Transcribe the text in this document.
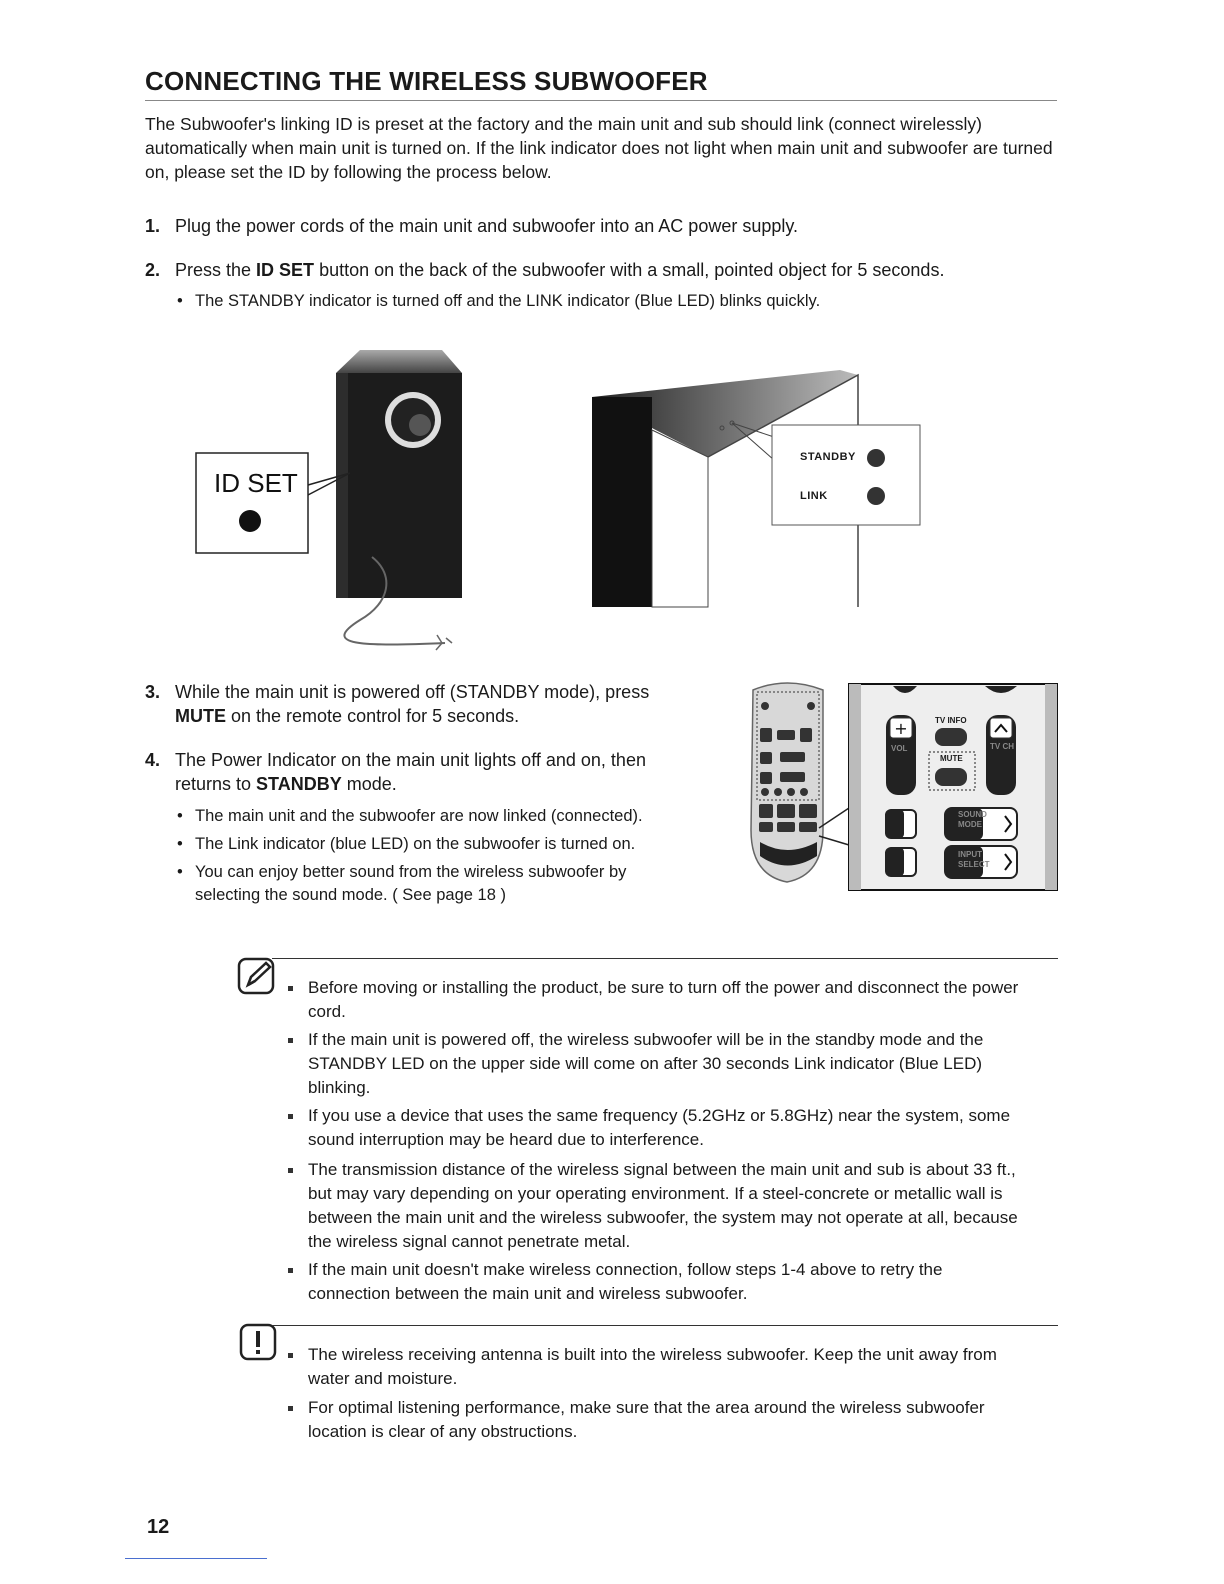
CONNECTING THE WIRELESS SUBWOOFER

The Subwoofer's linking ID is preset at the factory and the main unit and sub should link (connect wirelessly) automatically when main unit is turned on. If the link indicator does not light when main unit and subwoofer are turned on, please set the ID by following the process below.

1. Plug the power cords of the main unit and subwoofer into an AC power supply.
2. Press the ID SET button on the back of the subwoofer with a small, pointed object for 5 seconds.
• The STANDBY indicator is turned off and the LINK indicator (Blue LED) blinks quickly.
ID SET
STANDBY
LINK
3. While the main unit is powered off (STANDBY mode), press
MUTE on the remote control for 5 seconds.
4. The Power Indicator on the main unit lights off and on, then
returns to STANDBY mode.
• The main unit and the subwoofer are now linked (connected).
• The Link indicator (blue LED) on the subwoofer is turned on.
• You can enjoy better sound from the wireless subwoofer by
selecting the sound mode. ( See page 18 )
+	TV INFO
MUTE
VOL	TV CH
SOUND MODE
INPUT SELECT
Before moving or installing the product, be sure to turn off the power and disconnect the power
cord.
If the main unit is powered off, the wireless subwoofer will be in the standby mode and the
STANDBY LED on the upper side will come on after 30 seconds Link indicator (Blue LED)
blinking.
If you use a device that uses the same frequency (5.2GHz or 5.8GHz) near the system, some
sound interruption may be heard due to interference.
The transmission distance of the wireless signal between the main unit and sub is about 33 ft.,
but may vary depending on your operating environment. If a steel-concrete or metallic wall is
between the main unit and the wireless subwoofer, the system may not operate at all, because
the wireless signal cannot penetrate metal.
If the main unit doesn't make wireless connection, follow steps 1-4 above to retry the
connection between the main unit and wireless subwoofer.
The wireless receiving antenna is built into the wireless subwoofer. Keep the unit away from
water and moisture.
For optimal listening performance, make sure that the area around the wireless subwoofer
location is clear of any obstructions.
12
